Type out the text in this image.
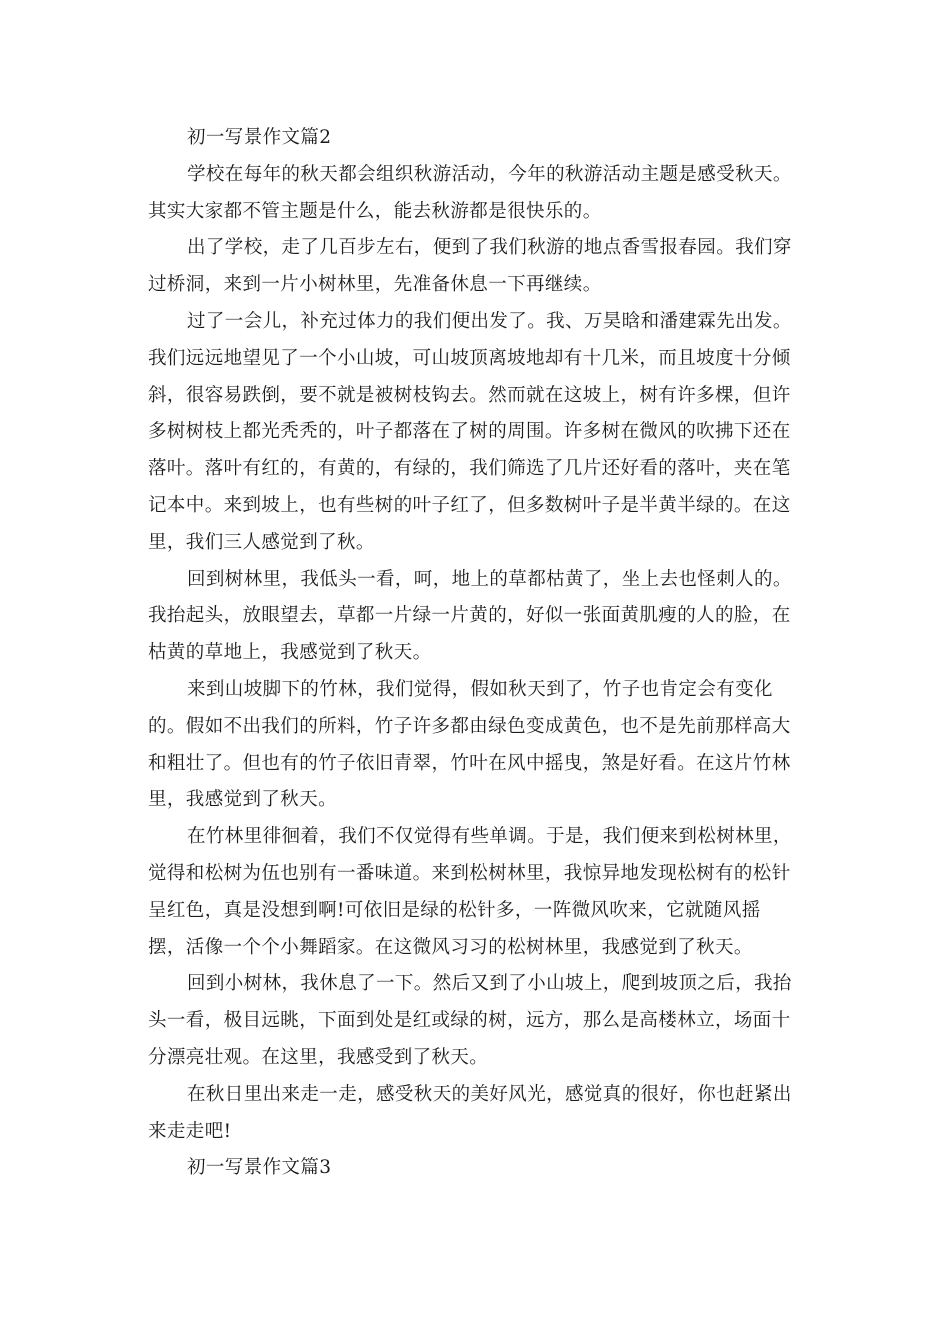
初一写景作文篇2
学校在每年的秋天都会组织秋游活动，今年的秋游活动主题是感受秋天。
其实大家都不管主题是什么，能去秋游都是很快乐的。
出了学校，走了几百步左右，便到了我们秋游的地点香雪报春园。我们穿
过桥洞，来到一片小树林里，先准备休息一下再继续。
过了一会儿，补充过体力的我们便出发了。我、万昊晗和潘建霖先出发。
我们远远地望见了一个小山坡，可山坡顶离坡地却有十几米，而且坡度十分倾
斜，很容易跌倒，要不就是被树枝钩去。然而就在这坡上，树有许多棵，但许
多树树枝上都光秃秃的，叶子都落在了树的周围。许多树在微风的吹拂下还在
落叶。落叶有红的，有黄的，有绿的，我们筛选了几片还好看的落叶，夹在笔
记本中。来到坡上，也有些树的叶子红了，但多数树叶子是半黄半绿的。在这
里，我们三人感觉到了秋。
回到树林里，我低头一看，呵，地上的草都枯黄了，坐上去也怪刺人的。
我抬起头，放眼望去，草都一片绿一片黄的，好似一张面黄肌瘦的人的脸，在
枯黄的草地上，我感觉到了秋天。
来到山坡脚下的竹林，我们觉得，假如秋天到了，竹子也肯定会有变化
的。假如不出我们的所料，竹子许多都由绿色变成黄色，也不是先前那样高大
和粗壮了。但也有的竹子依旧青翠，竹叶在风中摇曳，煞是好看。在这片竹林
里，我感觉到了秋天。
在竹林里徘徊着，我们不仅觉得有些单调。于是，我们便来到松树林里，
觉得和松树为伍也别有一番味道。来到松树林里，我惊异地发现松树有的松针
呈红色，真是没想到啊!可依旧是绿的松针多，一阵微风吹来，它就随风摇
摆，活像一个个小舞蹈家。在这微风习习的松树林里，我感觉到了秋天。
回到小树林，我休息了一下。然后又到了小山坡上，爬到坡顶之后，我抬
头一看，极目远眺，下面到处是红或绿的树，远方，那么是高楼林立，场面十
分漂亮壮观。在这里，我感受到了秋天。
在秋日里出来走一走，感受秋天的美好风光，感觉真的很好，你也赶紧出
来走走吧!
初一写景作文篇3
